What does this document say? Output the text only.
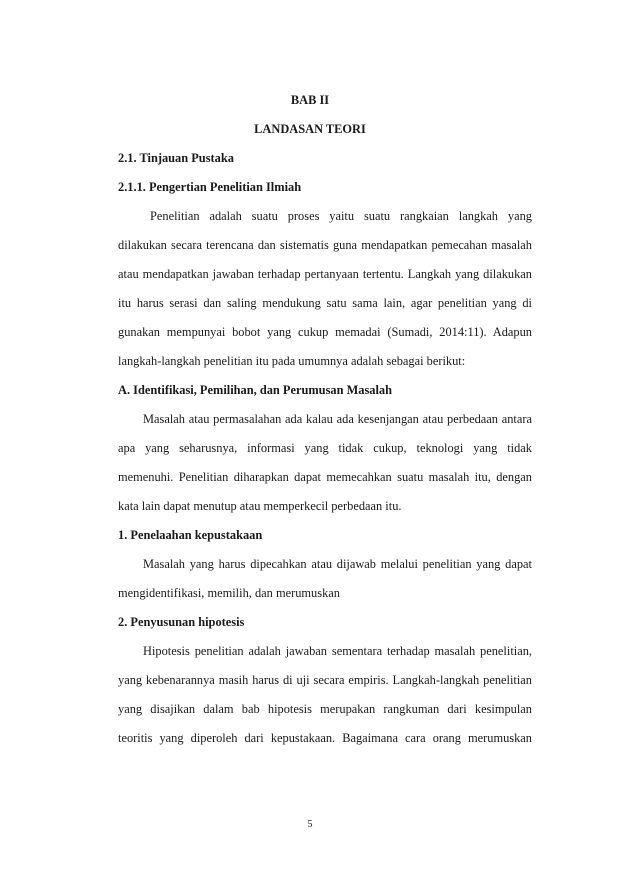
BAB II
LANDASAN TEORI
2.1. Tinjauan Pustaka
2.1.1. Pengertian Penelitian Ilmiah
Penelitian adalah suatu proses yaitu suatu rangkaian langkah yang
dilakukan secara terencana dan sistematis guna mendapatkan pemecahan masalah
atau mendapatkan jawaban terhadap pertanyaan tertentu. Langkah yang dilakukan
itu harus serasi dan saling mendukung satu sama lain, agar penelitian yang di
gunakan mempunyai bobot yang cukup memadai (Sumadi, 2014:11). Adapun
langkah-langkah penelitian itu pada umumnya adalah sebagai berikut:
A. Identifikasi, Pemilihan, dan Perumusan Masalah
Masalah atau permasalahan ada kalau ada kesenjangan atau perbedaan antara
apa yang seharusnya, informasi yang tidak cukup, teknologi yang tidak
memenuhi. Penelitian diharapkan dapat memecahkan suatu masalah itu, dengan
kata lain dapat menutup atau memperkecil perbedaan itu.
1. Penelaahan kepustakaan
Masalah yang harus dipecahkan atau dijawab melalui penelitian yang dapat
mengidentifikasi, memilih, dan merumuskan
2. Penyusunan hipotesis
Hipotesis penelitian adalah jawaban sementara terhadap masalah penelitian,
yang kebenarannya masih harus di uji secara empiris. Langkah-langkah penelitian
yang disajikan dalam bab hipotesis merupakan rangkuman dari kesimpulan
teoritis yang diperoleh dari kepustakaan. Bagaimana cara orang merumuskan
5
